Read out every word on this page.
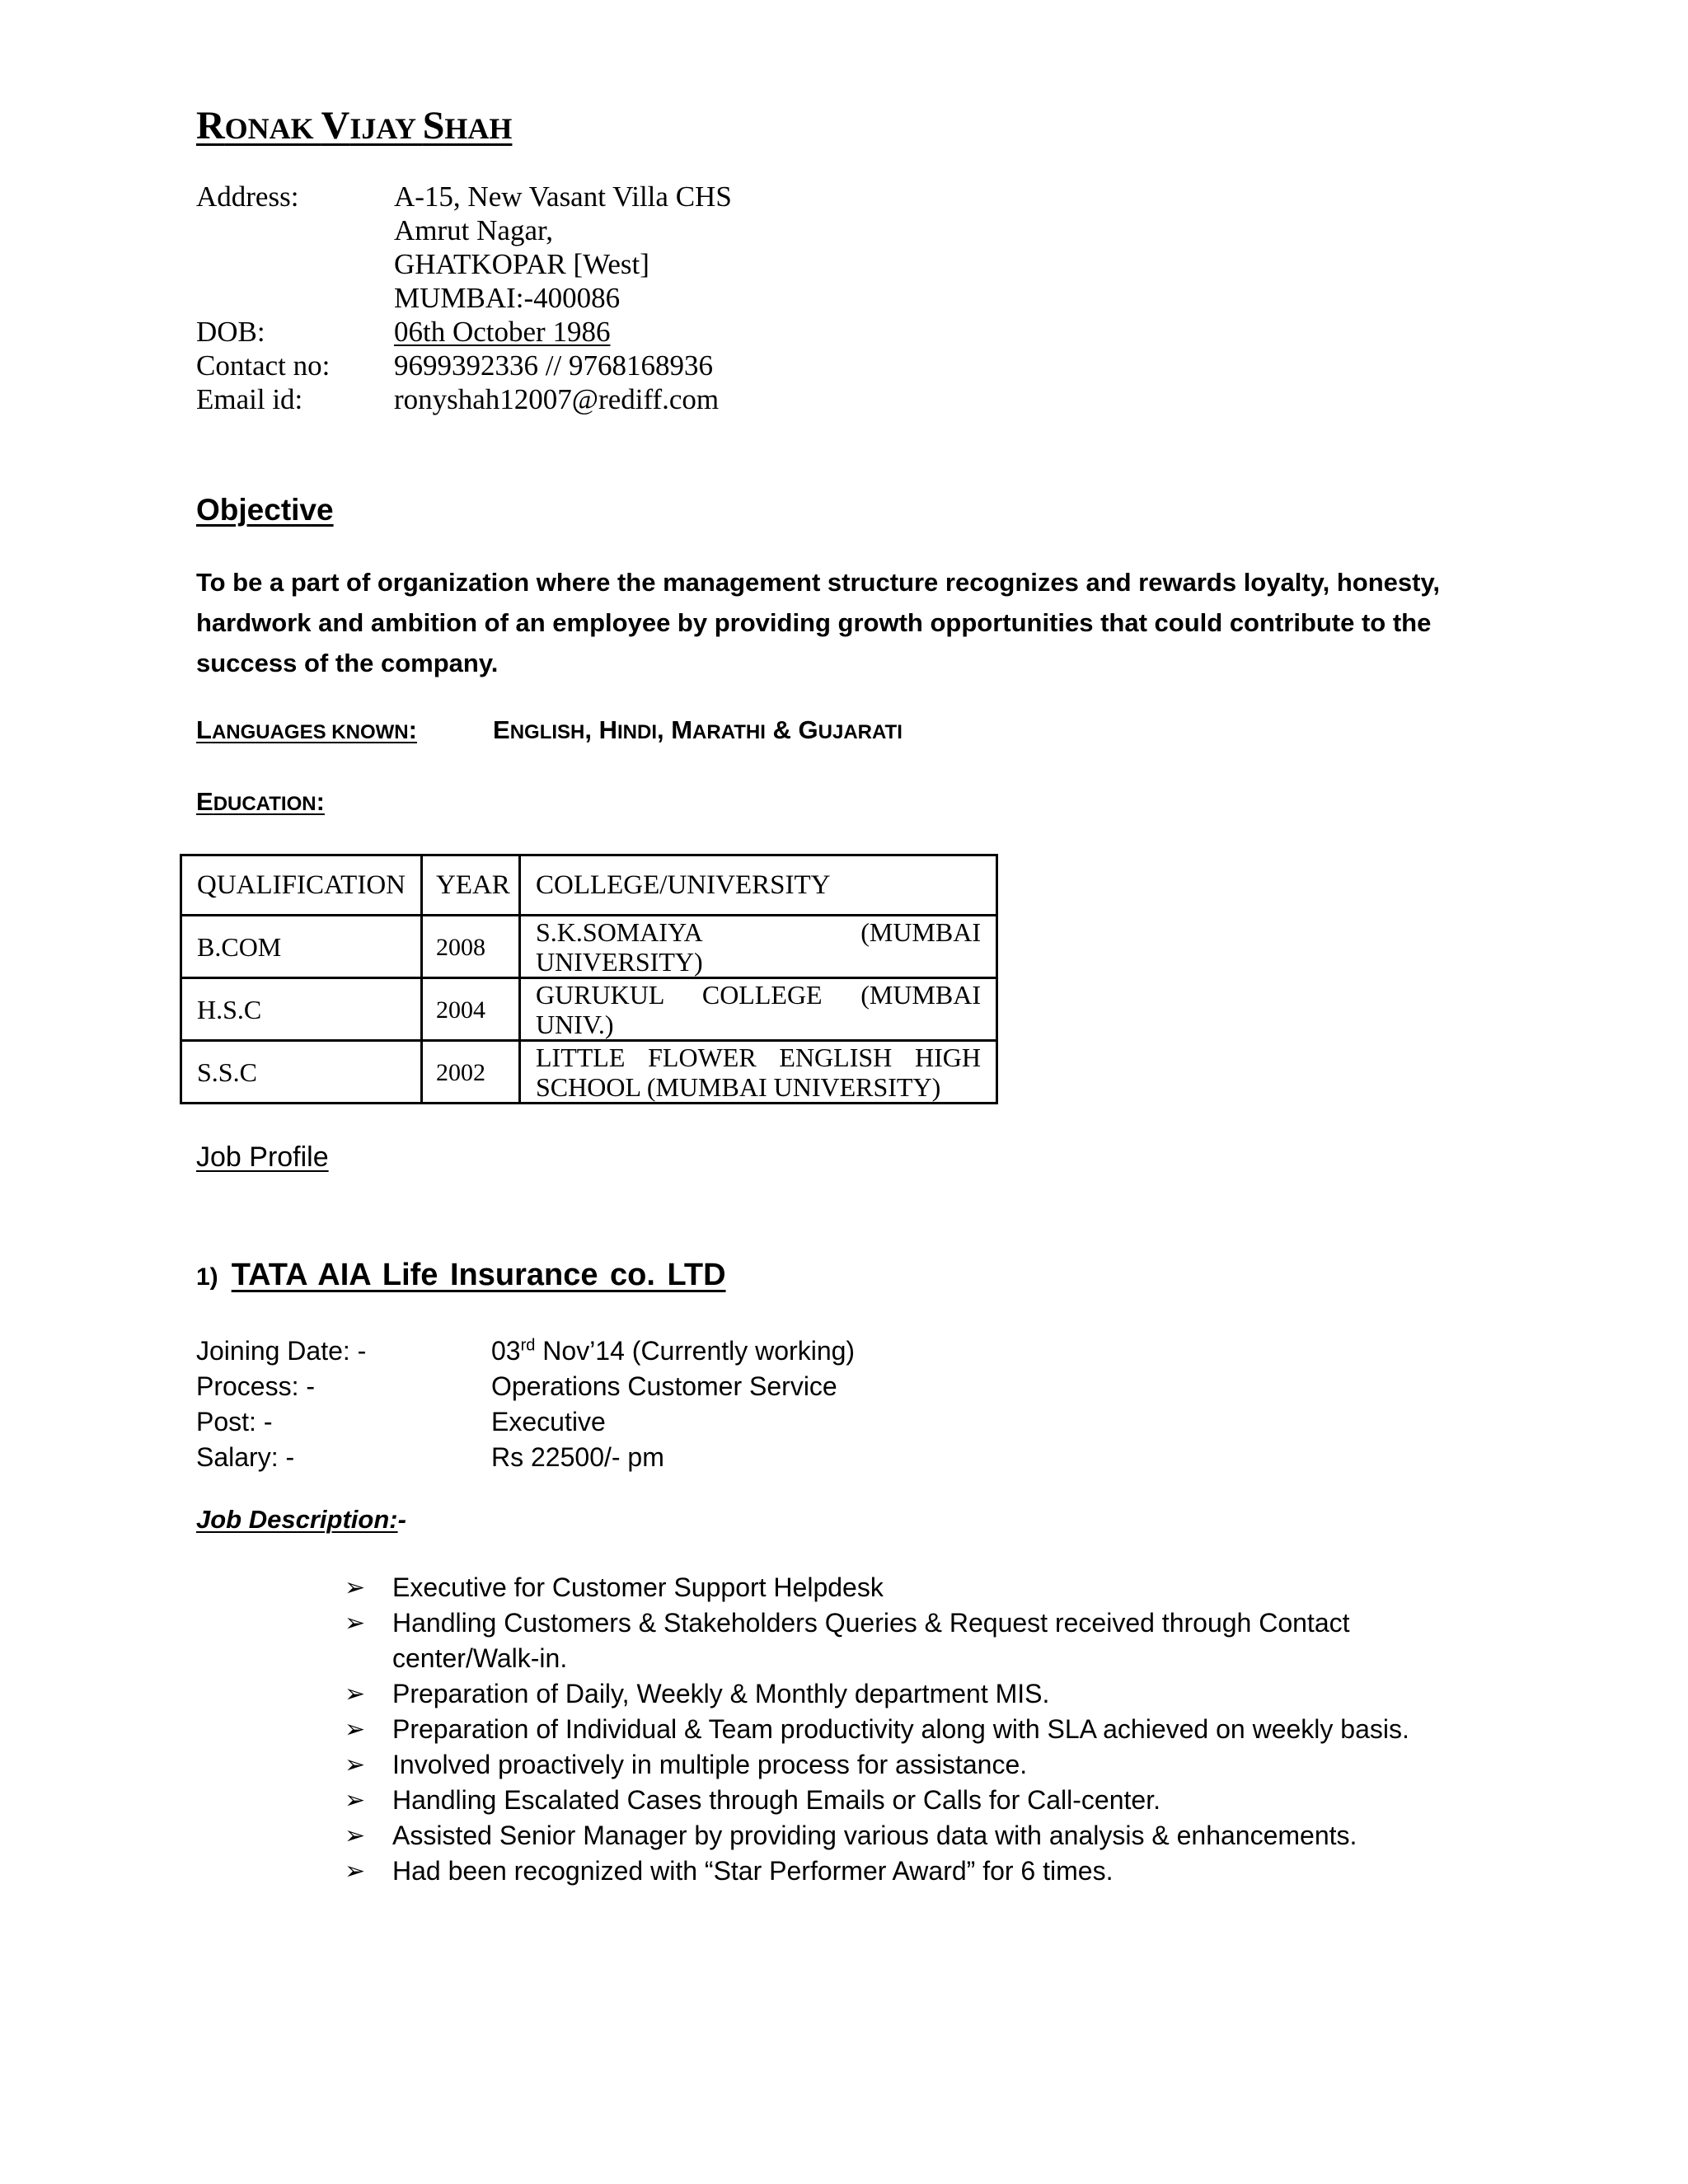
RONAK VIJAY SHAH
Address:	A-15, New Vasant Villa CHS
Amrut Nagar,
GHATKOPAR [West]
MUMBAI:-400086
DOB:	06th October 1986
Contact no:	9699392336 // 9768168936
Email id:	ronyshah12007@rediff.com
Objective
To be a part of organization where the management structure recognizes and rewards loyalty, honesty, hardwork and ambition of an employee by providing growth opportunities that could contribute to the success of the company.
LANGUAGES KNOWN:	ENGLISH, HINDI, MARATHI & GUJARATI
EDUCATION:
QUALIFICATION	YEAR	COLLEGE/UNIVERSITY
B.COM	2008	S.K.SOMAIYA (MUMBAI UNIVERSITY)
H.S.C	2004	GURUKUL COLLEGE (MUMBAI UNIV.)
S.S.C	2002	LITTLE FLOWER ENGLISH HIGH SCHOOL (MUMBAI UNIVERSITY)
Job Profile
1) TATA AIA Life Insurance co. LTD
Joining Date: -	03rd Nov’14 (Currently working)
Process: -	Operations Customer Service
Post: -	Executive
Salary: -	Rs 22500/- pm
Job Description:-
➢	Executive for Customer Support Helpdesk
➢	Handling Customers & Stakeholders Queries & Request received through Contact center/Walk-in.
➢	Preparation of Daily, Weekly & Monthly department MIS.
➢	Preparation of Individual & Team productivity along with SLA achieved on weekly basis.
➢	Involved proactively in multiple process for assistance.
➢	Handling Escalated Cases through Emails or Calls for Call-center.
➢	Assisted Senior Manager by providing various data with analysis & enhancements.
➢	Had been recognized with “Star Performer Award” for 6 times.
